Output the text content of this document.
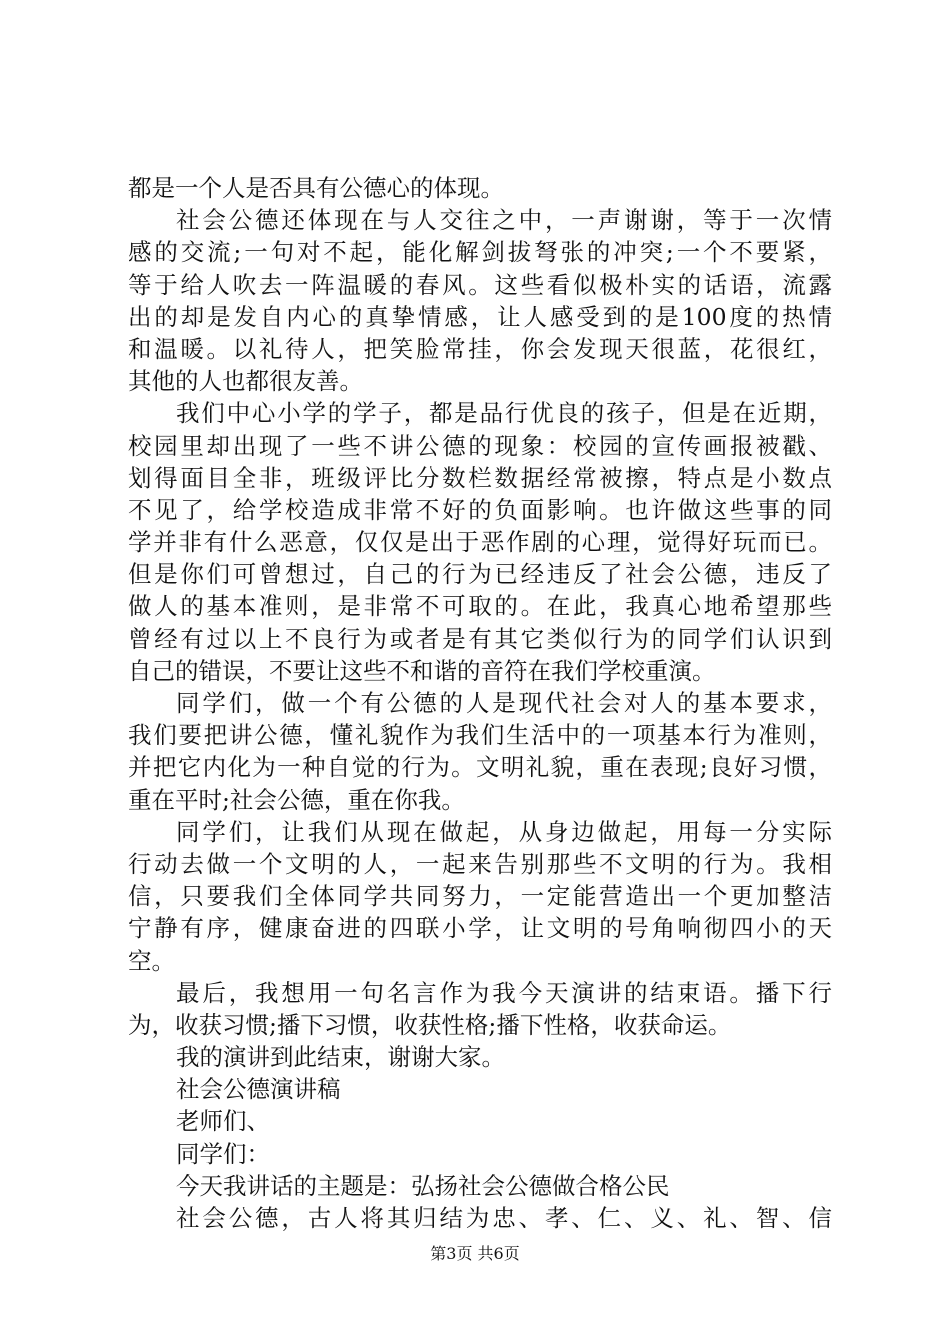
都是一个人是否具有公德心的体现。
社会公德还体现在与人交往之中，一声谢谢，等于一次情
感的交流;一句对不起，能化解剑拔弩张的冲突;一个不要紧，
等于给人吹去一阵温暖的春风。这些看似极朴实的话语，流露
出的却是发自内心的真挚情感，让人感受到的是100度的热情
和温暖。以礼待人，把笑脸常挂，你会发现天很蓝，花很红，
其他的人也都很友善。
我们中心小学的学子，都是品行优良的孩子，但是在近期，
校园里却出现了一些不讲公德的现象：校园的宣传画报被戳、
划得面目全非，班级评比分数栏数据经常被擦，特点是小数点
不见了，给学校造成非常不好的负面影响。也许做这些事的同
学并非有什么恶意，仅仅是出于恶作剧的心理，觉得好玩而已。
但是你们可曾想过，自己的行为已经违反了社会公德，违反了
做人的基本准则，是非常不可取的。在此，我真心地希望那些
曾经有过以上不良行为或者是有其它类似行为的同学们认识到
自己的错误，不要让这些不和谐的音符在我们学校重演。
同学们，做一个有公德的人是现代社会对人的基本要求，
我们要把讲公德，懂礼貌作为我们生活中的一项基本行为准则，
并把它内化为一种自觉的行为。文明礼貌，重在表现;良好习惯，
重在平时;社会公德，重在你我。
同学们，让我们从现在做起，从身边做起，用每一分实际
行动去做一个文明的人，一起来告别那些不文明的行为。我相
信，只要我们全体同学共同努力，一定能营造出一个更加整洁
宁静有序，健康奋进的四联小学，让文明的号角响彻四小的天
空。
最后，我想用一句名言作为我今天演讲的结束语。播下行
为，收获习惯;播下习惯，收获性格;播下性格，收获命运。
我的演讲到此结束，谢谢大家。
社会公德演讲稿
老师们、
同学们：
今天我讲话的主题是：弘扬社会公德做合格公民
社会公德，古人将其归结为忠、孝、仁、义、礼、智、信
第3页 共6页
